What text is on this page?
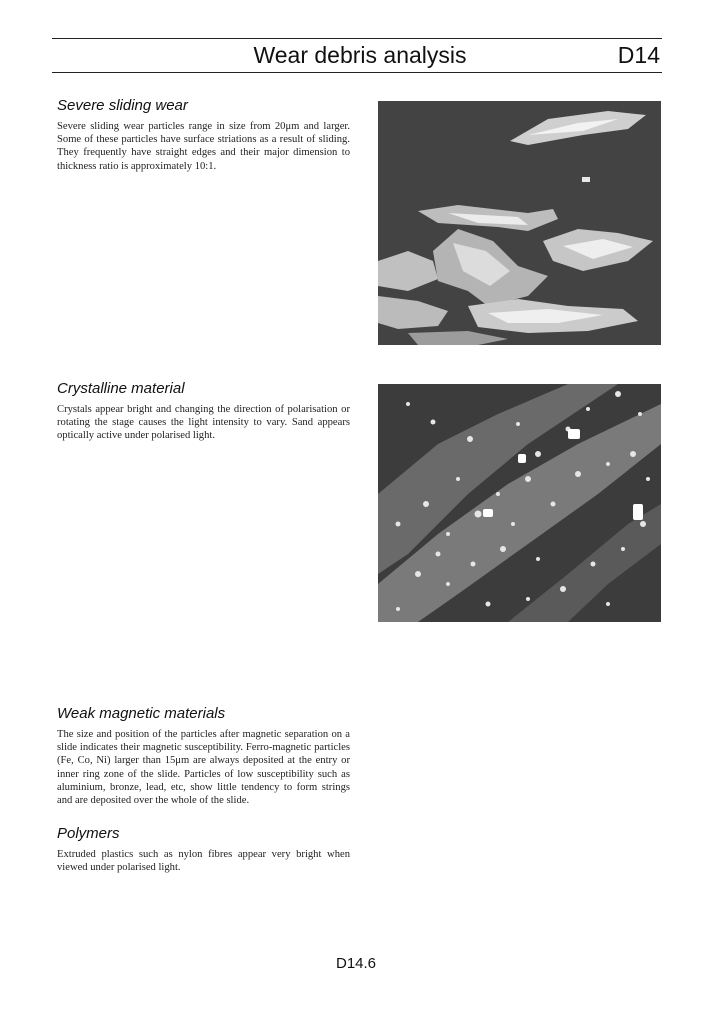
Wear debris analysis	D14
Severe sliding wear
Severe sliding wear particles range in size from 20μm and larger. Some of these particles have surface striations as a result of sliding. They frequently have straight edges and their major dimension to thickness ratio is approximately 10:1.
Crystalline material
Crystals appear bright and changing the direction of polarisation or rotating the stage causes the light intensity to vary. Sand appears optically active under polarised light.
Weak magnetic materials
The size and position of the particles after magnetic separation on a slide indicates their magnetic susceptibility. Ferro-magnetic particles (Fe, Co, Ni) larger than 15μm are always deposited at the entry or inner ring zone of the slide. Particles of low susceptibility such as aluminium, bronze, lead, etc, show little tendency to form strings and are deposited over the whole of the slide.
Polymers
Extruded plastics such as nylon fibres appear very bright when viewed under polarised light.
D14.6
